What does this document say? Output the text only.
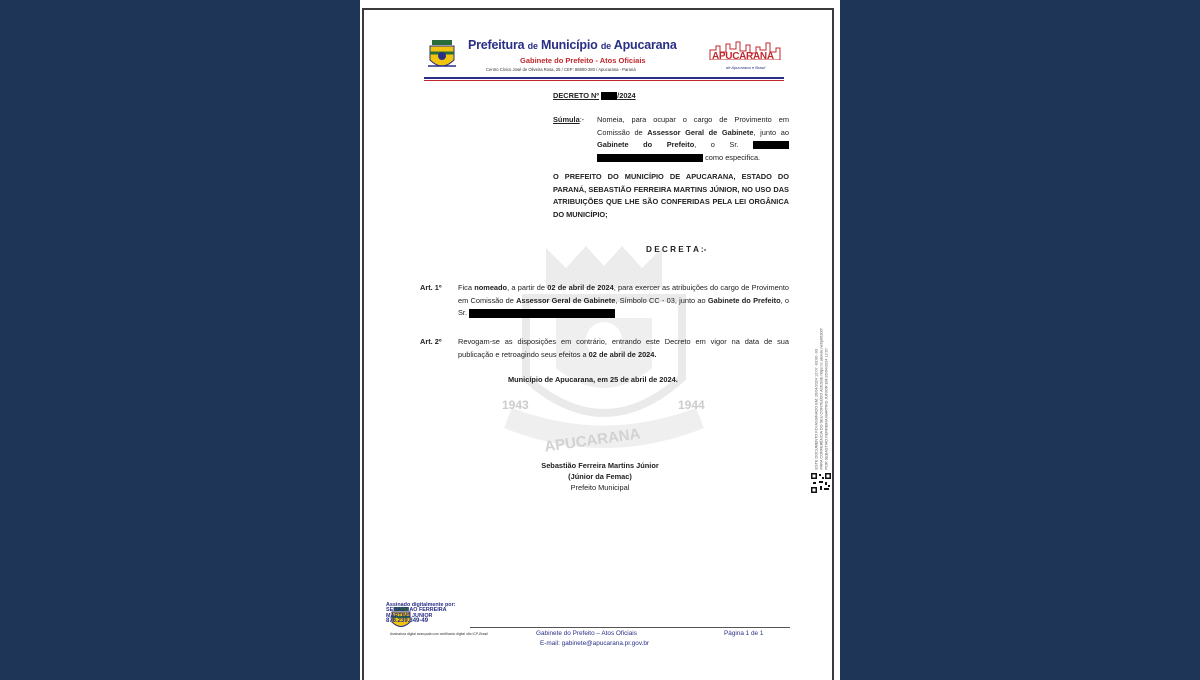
Prefeitura de Município de Apucarana
Gabinete do Prefeito - Atos Oficiais
Centro Cívico José de Oliveira Rosa, 25 / CEP: 86800-280 / Apucarana - Paraná
APUCARANA
de Apucarana e Brasil
1943	1944
APUCARANA
DECRETO Nº /2024
Súmula:- Nomeia, para ocupar o cargo de Provimento em Comissão de Assessor Geral de Gabinete, junto ao Gabinete do Prefeito, o Sr.   como especifica.
O PREFEITO DO MUNICÍPIO DE APUCARANA, ESTADO DO PARANÁ, SEBASTIÃO FERREIRA MARTINS JÚNIOR, NO USO DAS ATRIBUIÇÕES QUE LHE SÃO CONFERIDAS PELA LEI ORGÂNICA DO MUNICÍPIO;
D E C R E T A :-
Art. 1º Fica nomeado, a partir de 02 de abril de 2024, para exercer as atribuições do cargo de Provimento em Comissão de Assessor Geral de Gabinete, Símbolo CC - 03, junto ao Gabinete do Prefeito, o Sr.
Art. 2º Revogam-se as disposições em contrário, entrando este Decreto em vigor na data de sua publicação e retroagindo seus efeitos a 02 de abril de 2024.
Município de Apucarana, em 25 de abril de 2024.
Sebastião Ferreira Martins Júnior
(Júnior da Femac)
Prefeito Municipal
ESTE DOCUMENTO FOI ASSINADO EM: 26/04/2024 12:07 -03:00 -03 PARA CONFERÊNCIA DO SEU CONTEÚDO ACESSE https://c.atende.net/p662b0f POR SEBASTIAO FERREIRA MARTINS JUNIOR EM 26/04/2024 12:07
Assinado digitalmente por:
SEBASTIAO FERREIRA
MARTINS JUNIOR
876.239.349-49
Assinatura digital avançada com certificado digital não ICP-Brasil	Gabinete do Prefeito – Atos Oficiais	Página 1 de 1
E-mail: gabinete@apucarana.pr.gov.br
